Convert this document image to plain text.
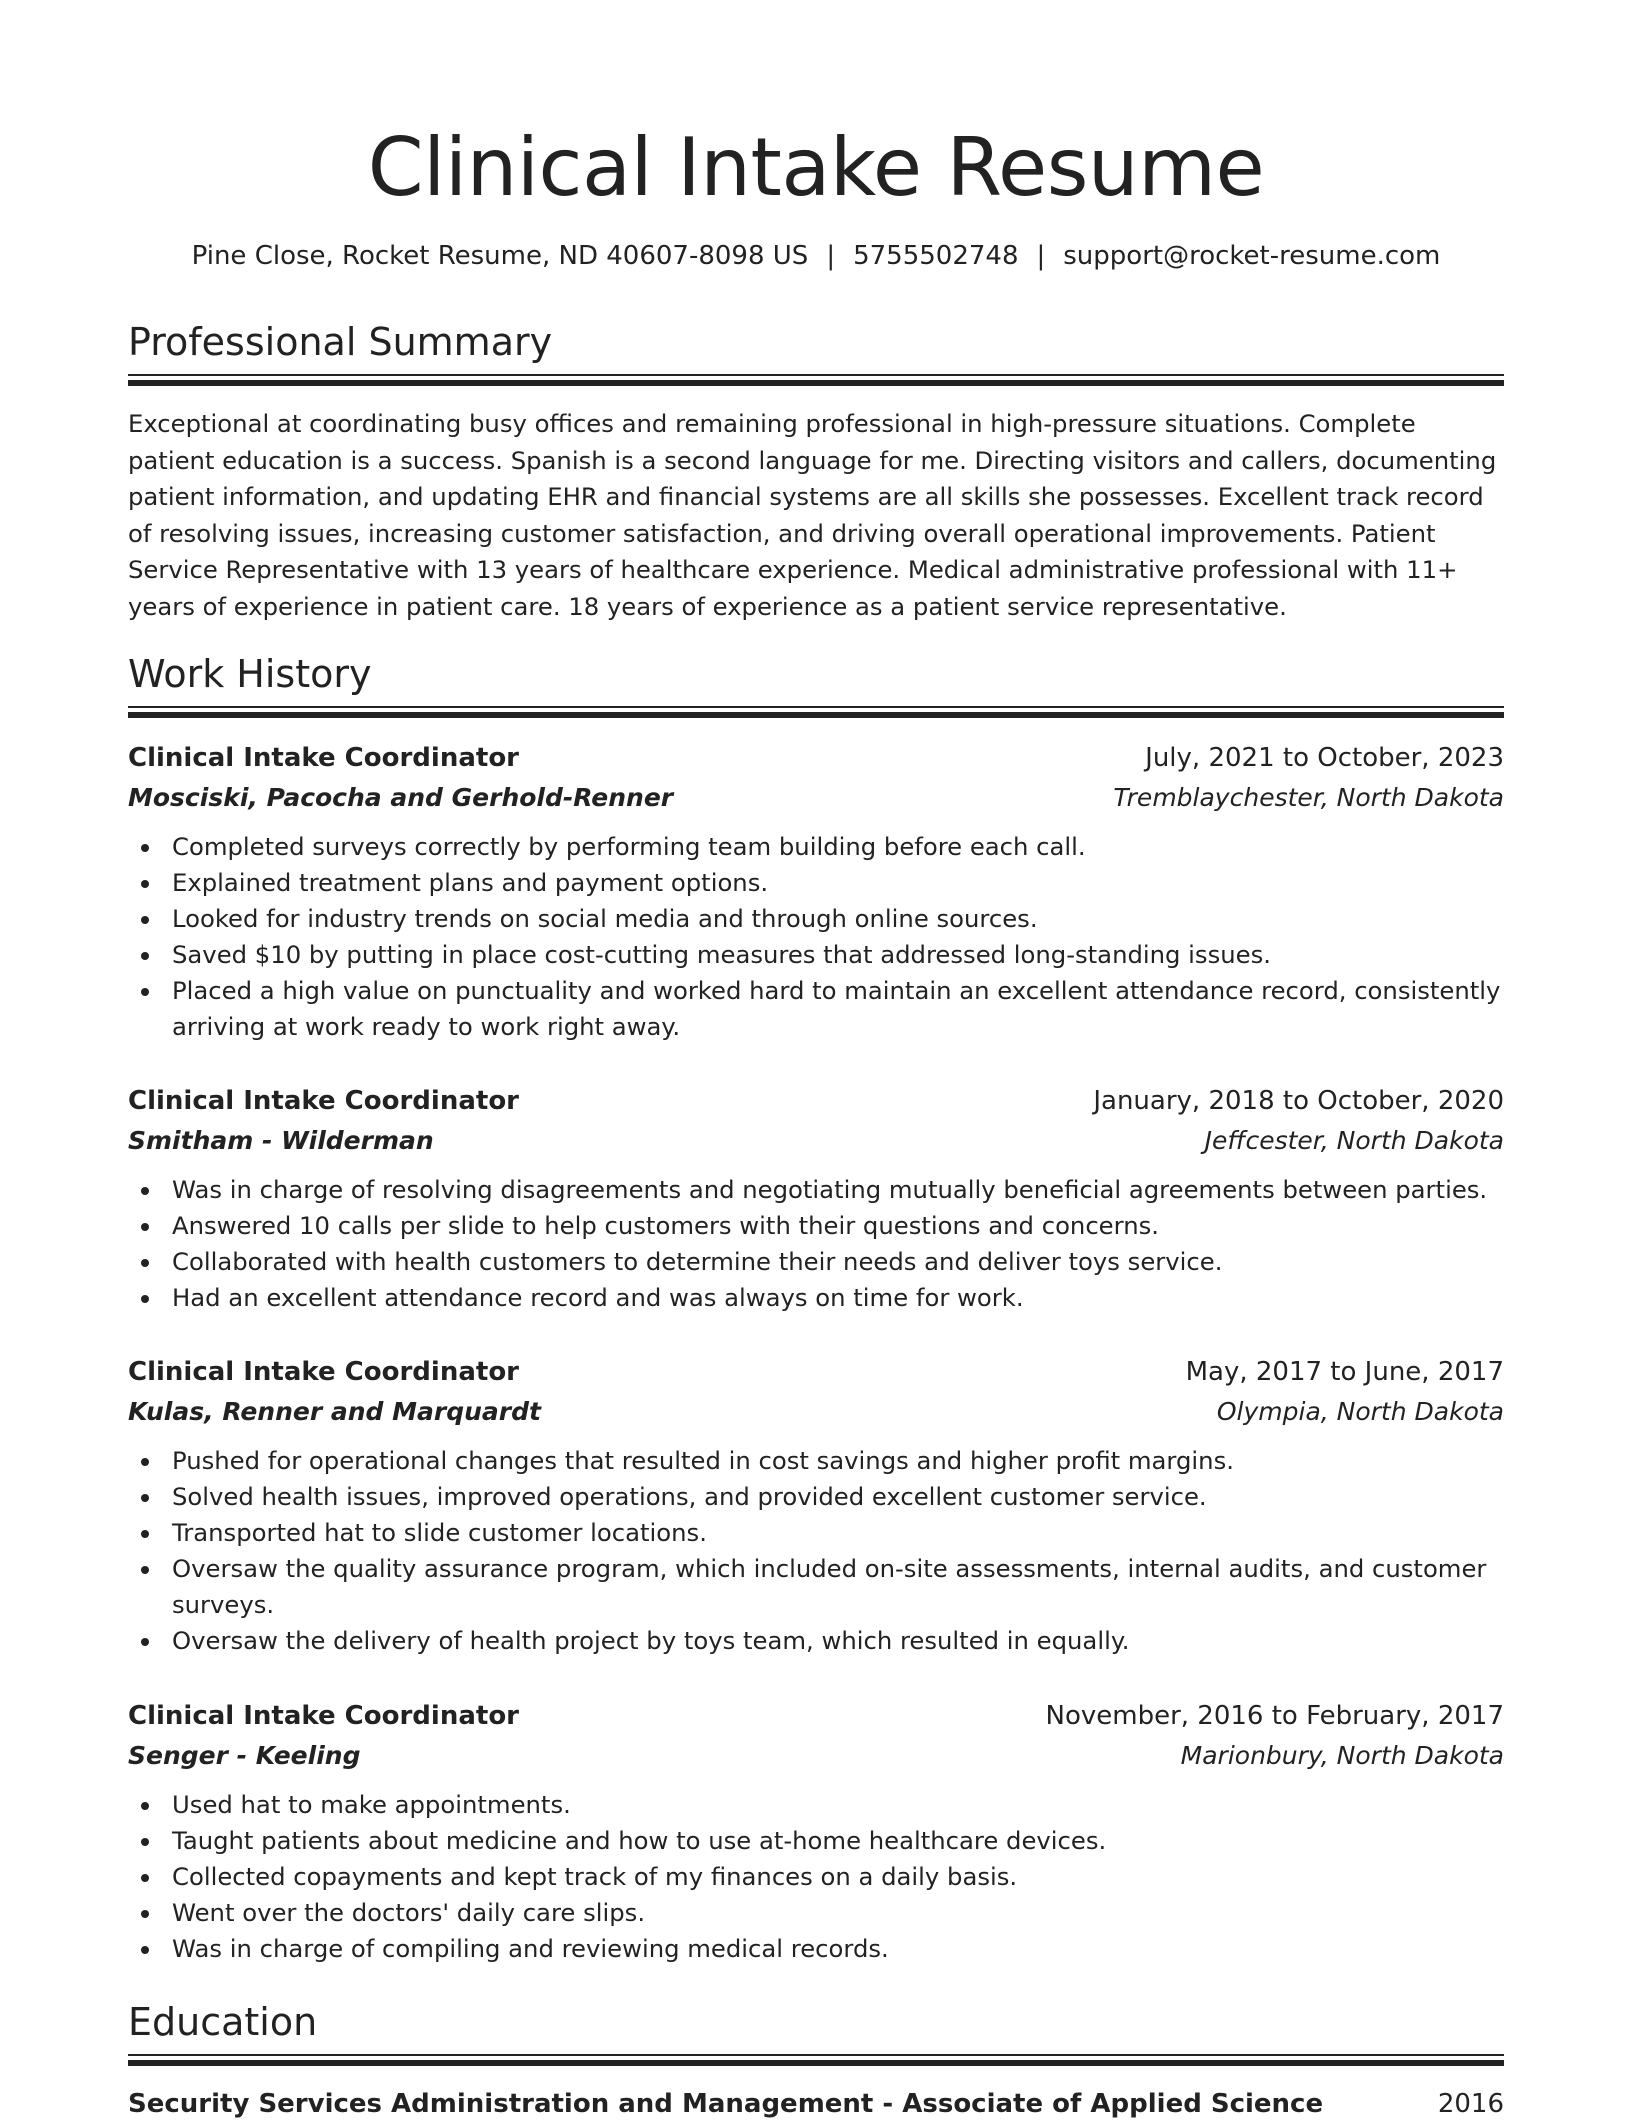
Clinical Intake Resume
Pine Close, Rocket Resume, ND 40607-8098 US | 5755502748 | support@rocket-resume.com
Professional Summary

Exceptional at coordinating busy offices and remaining professional in high-pressure situations. Complete patient education is a success. Spanish is a second language for me. Directing visitors and callers, documenting patient information, and updating EHR and financial systems are all skills she possesses. Excellent track record of resolving issues, increasing customer satisfaction, and driving overall operational improvements. Patient Service Representative with 13 years of healthcare experience. Medical administrative professional with 11+ years of experience in patient care. 18 years of experience as a patient service representative.

Work History
Clinical Intake Coordinator	July, 2021 to October, 2023
Mosciski, Pacocha and Gerhold-Renner	Tremblaychester, North Dakota
Completed surveys correctly by performing team building before each call.
Explained treatment plans and payment options.
Looked for industry trends on social media and through online sources.
Saved $10 by putting in place cost-cutting measures that addressed long-standing issues.
Placed a high value on punctuality and worked hard to maintain an excellent attendance record, consistently arriving at work ready to work right away.
Clinical Intake Coordinator	January, 2018 to October, 2020
Smitham - Wilderman	Jeffcester, North Dakota
Was in charge of resolving disagreements and negotiating mutually beneficial agreements between parties.
Answered 10 calls per slide to help customers with their questions and concerns.
Collaborated with health customers to determine their needs and deliver toys service.
Had an excellent attendance record and was always on time for work.
Clinical Intake Coordinator	May, 2017 to June, 2017
Kulas, Renner and Marquardt	Olympia, North Dakota
Pushed for operational changes that resulted in cost savings and higher profit margins.
Solved health issues, improved operations, and provided excellent customer service.
Transported hat to slide customer locations.
Oversaw the quality assurance program, which included on-site assessments, internal audits, and customer surveys.
Oversaw the delivery of health project by toys team, which resulted in equally.
Clinical Intake Coordinator	November, 2016 to February, 2017
Senger - Keeling	Marionbury, North Dakota
Used hat to make appointments.
Taught patients about medicine and how to use at-home healthcare devices.
Collected copayments and kept track of my finances on a daily basis.
Went over the doctors' daily care slips.
Was in charge of compiling and reviewing medical records.
Education
Security Services Administration and Management - Associate of Applied Science	2016
